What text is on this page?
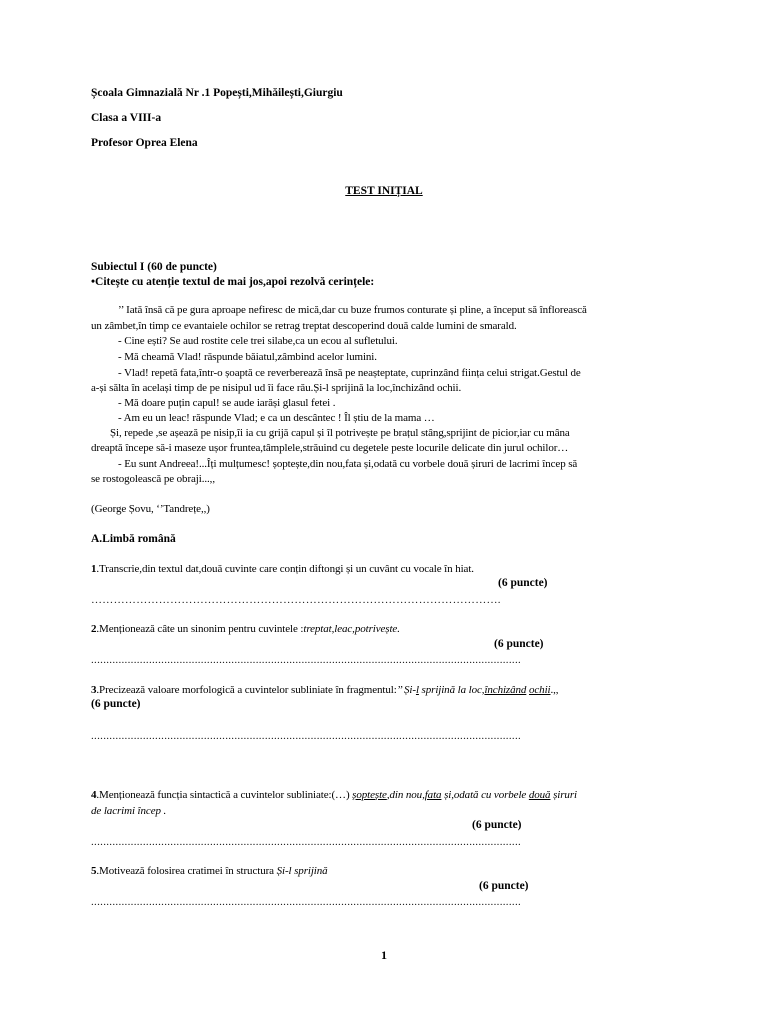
Școala Gimnazială Nr .1 Popești,Mihăilești,Giurgiu
Clasa a VIII-a
Profesor Oprea Elena
TEST INIȚIAL
Subiectul I (60 de puncte)
•Citește cu atenție textul de mai jos,apoi rezolvă cerințele:
’’ Iată însă că pe gura aproape nefiresc de mică,dar cu buze frumos conturate și pline, a început să înflorească
un zâmbet,în timp ce evantaiele ochilor se retrag treptat descoperind două calde lumini de smarald.
- Cine ești? Se aud rostite cele trei silabe,ca un ecou al sufletului.
- Mă cheamă Vlad! răspunde băiatul,zâmbind acelor lumini.
- Vlad! repetă fata,într-o șoaptă ce reverberează însă pe neașteptate, cuprinzând ființa celui strigat.Gestul de
a-și sălta în același timp de pe nisipul ud îi face rău.Și-l sprijină la loc,închizând ochii.
- Mă doare puțin capul! se aude iarăși glasul fetei .
- Am eu un leac! răspunde Vlad; e ca un descântec ! Îl știu de la mama …
Și, repede ,se așează pe nisip,îi ia cu grijă capul și îl potrivește pe brațul stâng,sprijint de picior,iar cu mâna
dreaptă începe să-i maseze ușor fruntea,tâmplele,străuind cu degetele peste locurile delicate din jurul ochilor…
- Eu sunt Andreea!...Îți mulțumesc! șoptește,din nou,fata și,odată cu vorbele două șiruri de lacrimi încep să
se rostogolească pe obraji...,,
(George Șovu, ‘’Tandrețe,,)
A.Limbă română
1.Transcrie,din textul dat,două cuvinte care conțin diftongi și un cuvânt cu vocale în hiat.
(6 puncte)
……………………………………………………………………………………………….
2.Menționează câte un sinonim pentru cuvintele :treptat,leac,potrivește.
(6 puncte)
.............................................................................................................................................
3.Precizează valoare morfologică a cuvintelor subliniate în fragmentul:’’ Și-l sprijină la loc,închizând ochii.,,
(6 puncte)
.............................................................................................................................................
4.Menționează funcția sintactică a cuvintelor subliniate:(…) șoptește,din nou,fata și,odată cu vorbele două șiruri
de lacrimi încep .
(6 puncte)
.............................................................................................................................................
5.Motivează folosirea cratimei în structura Și-l sprijină
(6 puncte)
.............................................................................................................................................
1
